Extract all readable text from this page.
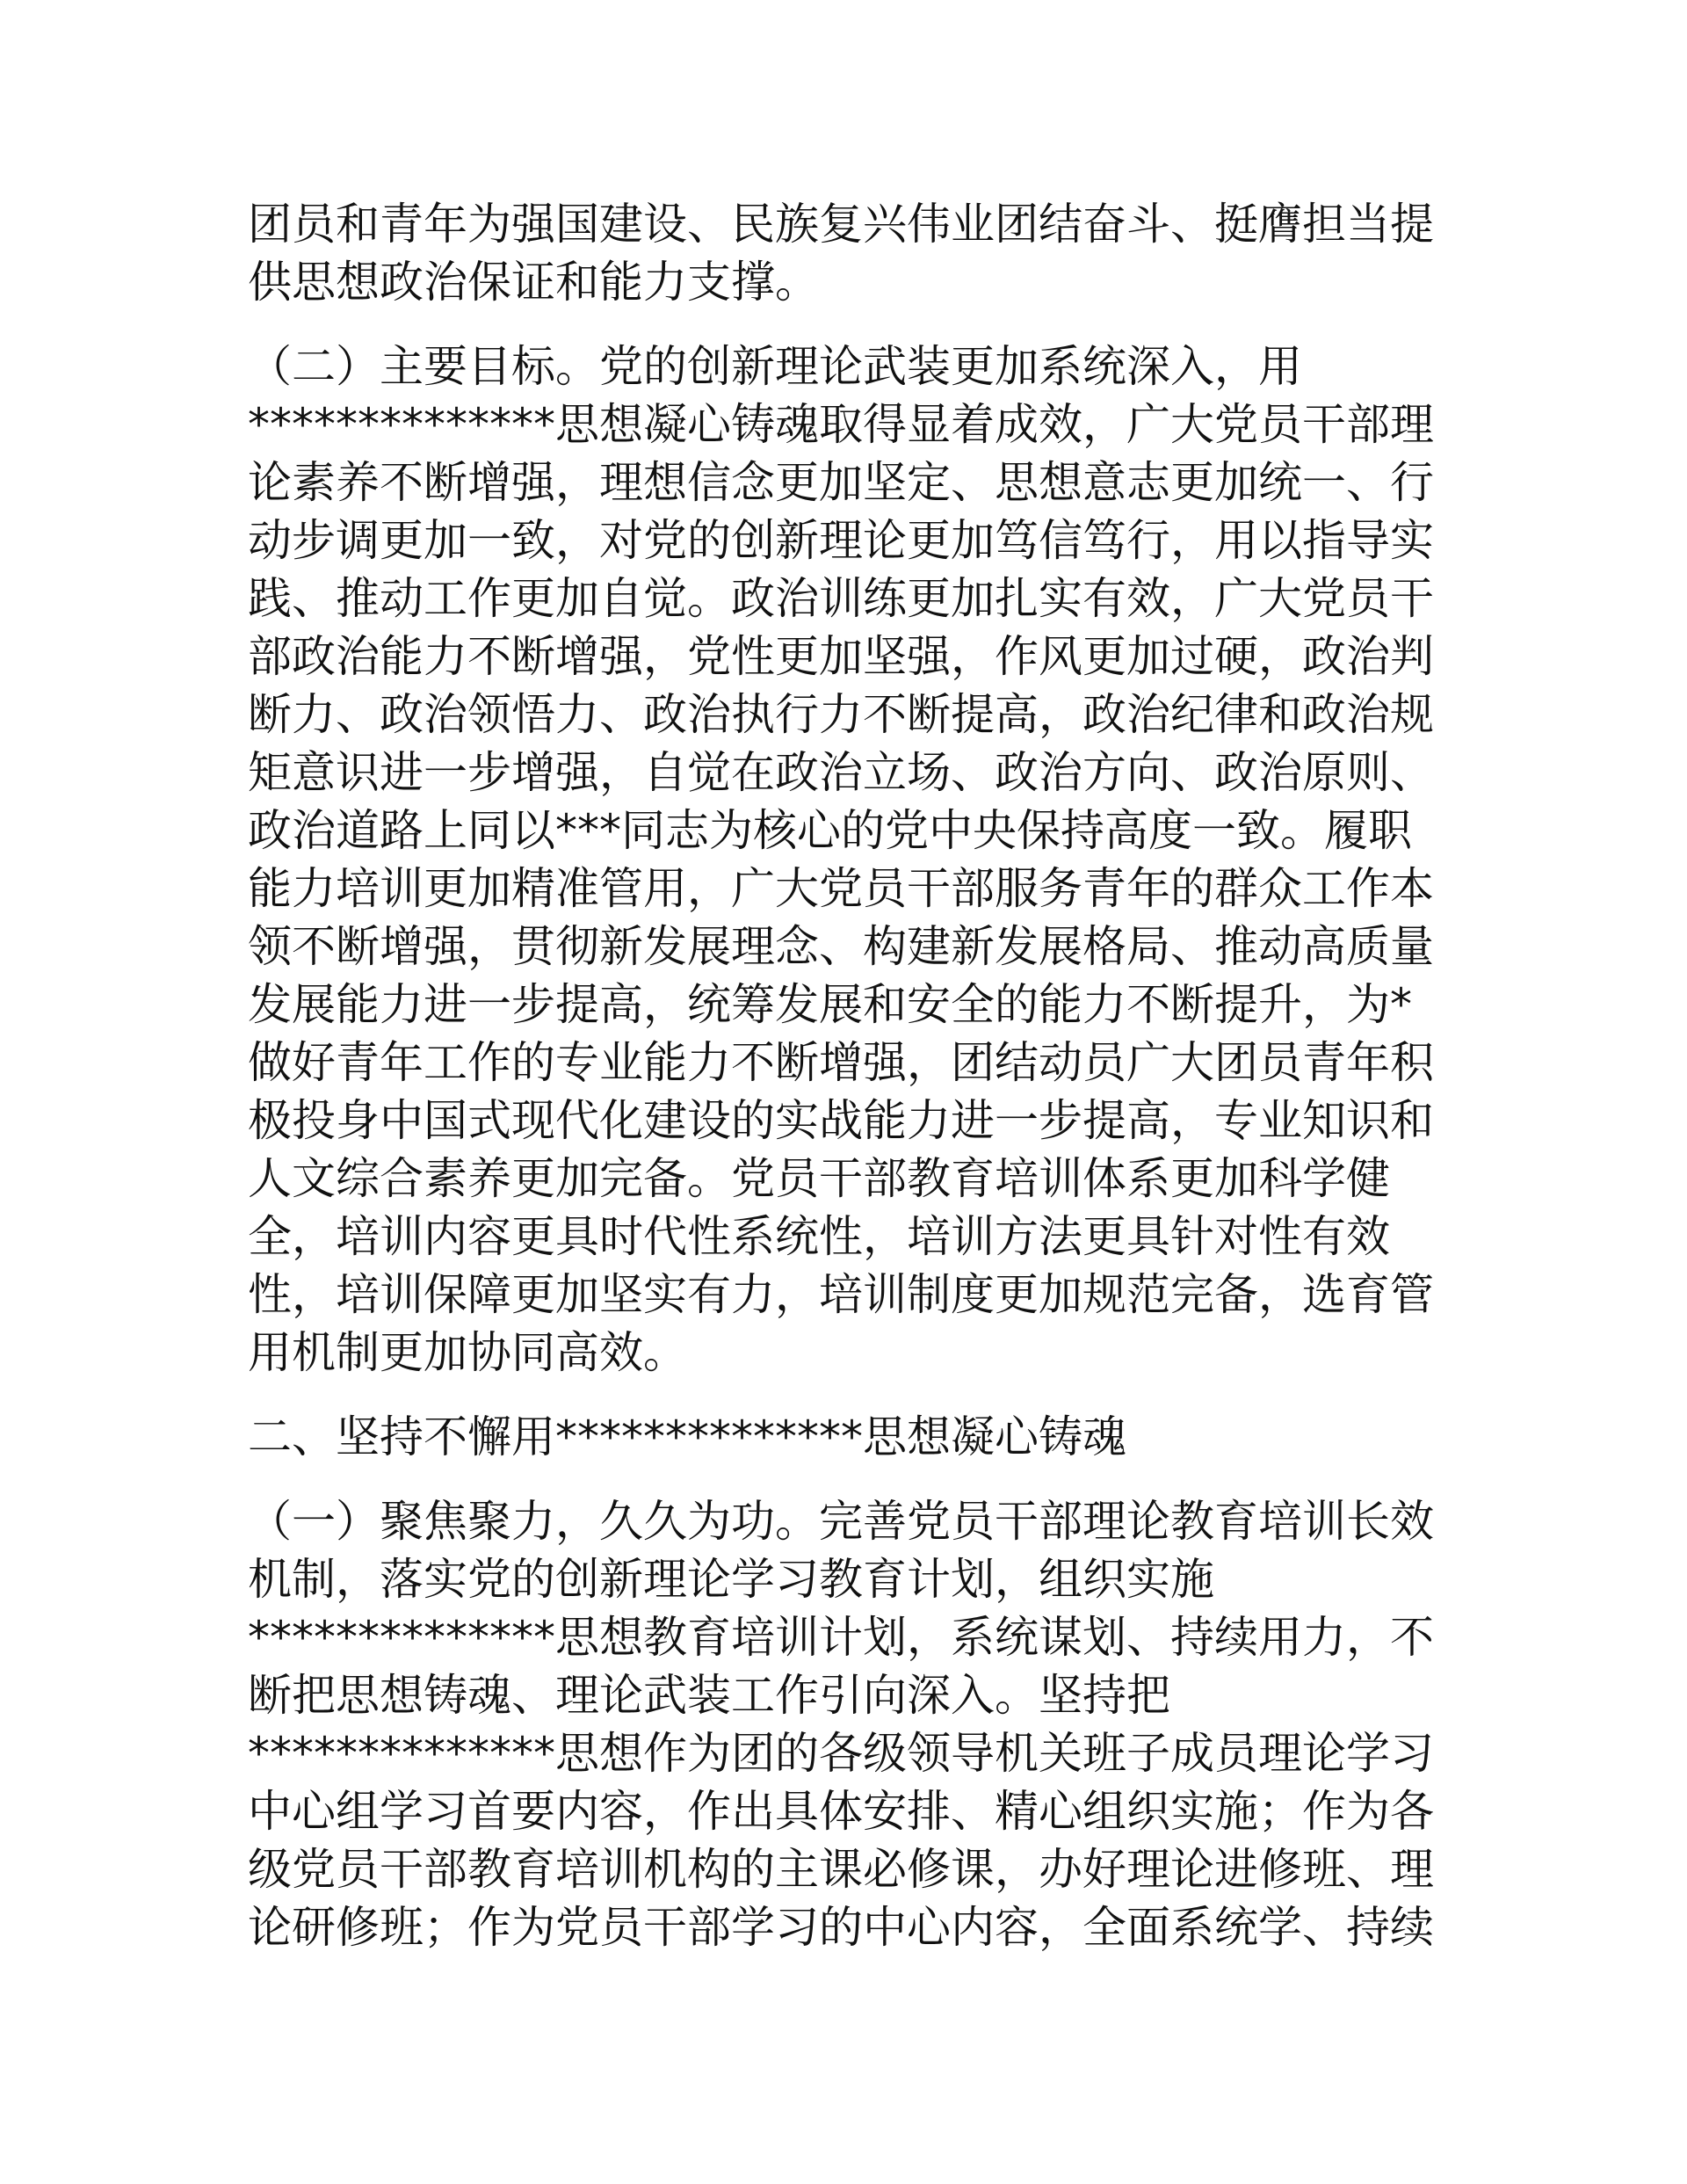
团员和青年为强国建设、民族复兴伟业团结奋斗、挺膺担当提
供思想政治保证和能力支撑。

（二）主要目标。党的创新理论武装更加系统深入，用
**************思想凝心铸魂取得显着成效，广大党员干部理
论素养不断增强，理想信念更加坚定、思想意志更加统一、行
动步调更加一致，对党的创新理论更加笃信笃行，用以指导实
践、推动工作更加自觉。政治训练更加扎实有效，广大党员干
部政治能力不断增强，党性更加坚强，作风更加过硬，政治判
断力、政治领悟力、政治执行力不断提高，政治纪律和政治规
矩意识进一步增强，自觉在政治立场、政治方向、政治原则、
政治道路上同以***同志为核心的党中央保持高度一致。履职
能力培训更加精准管用，广大党员干部服务青年的群众工作本
领不断增强，贯彻新发展理念、构建新发展格局、推动高质量
发展能力进一步提高，统筹发展和安全的能力不断提升，为*
做好青年工作的专业能力不断增强，团结动员广大团员青年积
极投身中国式现代化建设的实战能力进一步提高，专业知识和
人文综合素养更加完备。党员干部教育培训体系更加科学健
全，培训内容更具时代性系统性，培训方法更具针对性有效
性，培训保障更加坚实有力，培训制度更加规范完备，选育管
用机制更加协同高效。

二、坚持不懈用**************思想凝心铸魂

（一）聚焦聚力，久久为功。完善党员干部理论教育培训长效
机制，落实党的创新理论学习教育计划，组织实施
**************思想教育培训计划，系统谋划、持续用力，不
断把思想铸魂、理论武装工作引向深入。坚持把
**************思想作为团的各级领导机关班子成员理论学习
中心组学习首要内容，作出具体安排、精心组织实施；作为各
级党员干部教育培训机构的主课必修课，办好理论进修班、理
论研修班；作为党员干部学习的中心内容，全面系统学、持续
